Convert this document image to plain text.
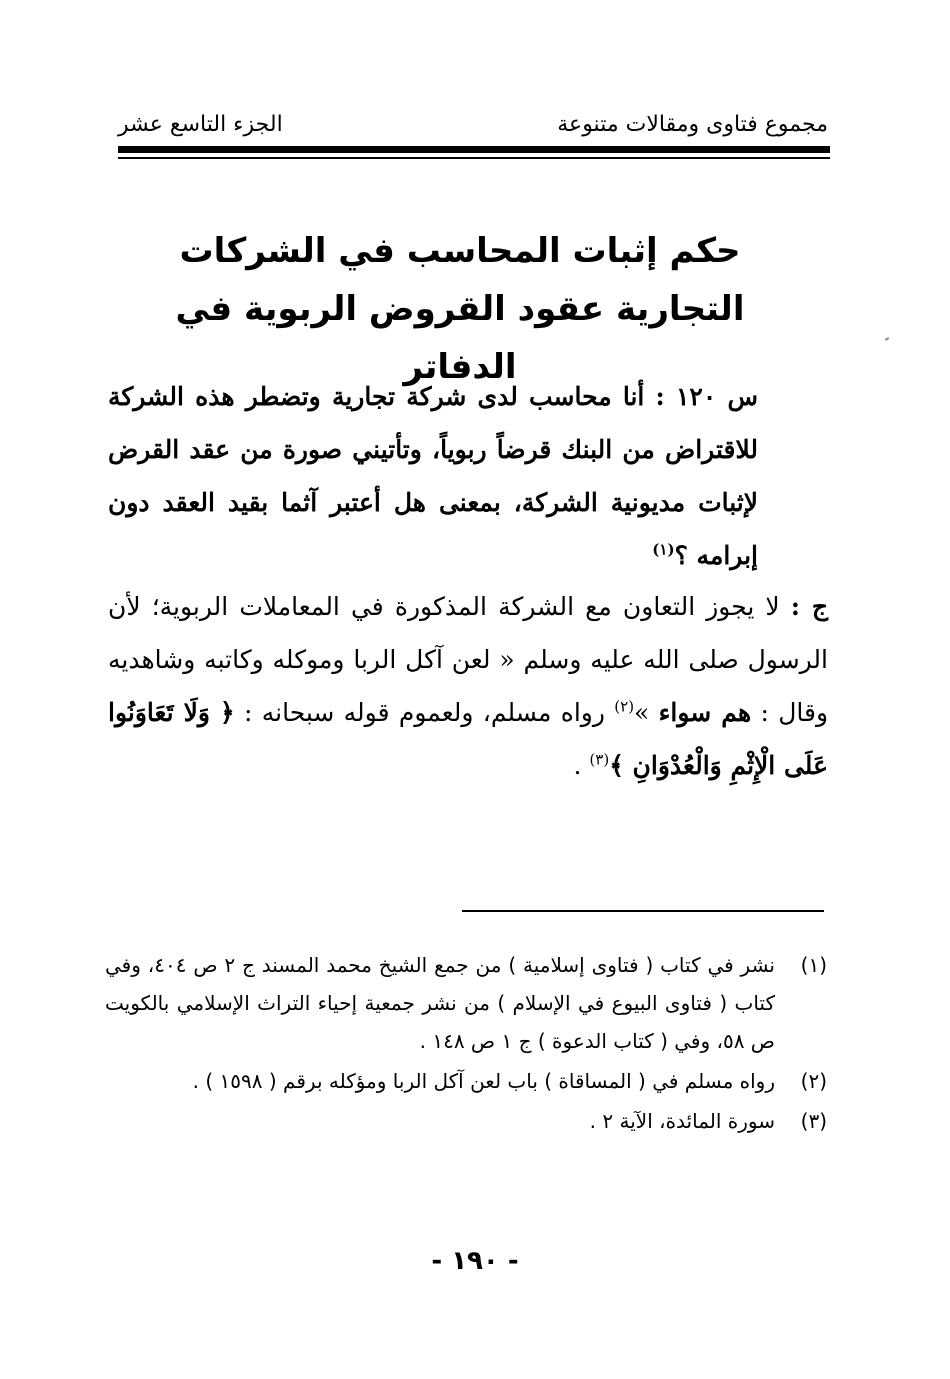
مجموع فتاوى ومقالات متنوعة
الجزء التاسع عشر
حكم إثبات المحاسب في الشركات
التجارية عقود القروض الربوية في الدفاتر
س ١٢٠ : أنا محاسب لدى شركة تجارية وتضطر هذه الشركة للاقتراض من البنك قرضاً ربوياً، وتأتيني صورة من عقد القرض لإثبات مديونية الشركة، بمعنى هل أعتبر آثما بقيد العقد دون إبرامه ؟$^{(١)}$
ج : لا يجوز التعاون مع الشركة المذكورة في المعاملات الربوية؛ لأن الرسول صلى الله عليه وسلم « لعن آكل الربا وموكله وكاتبه وشاهديه وقال : هم سواء »$^{(٢)}$ رواه مسلم، ولعموم قوله سبحانه : ﴿ وَلَا تَعَاوَنُوا عَلَى الْإِثْمِ وَالْعُدْوَانِ ﴾$^{(٣)}$ .
(١)
نشر في كتاب ( فتاوى إسلامية ) من جمع الشيخ محمد المسند ج ٢ ص ٤٠٤، وفي كتاب ( فتاوى البيوع في الإسلام ) من نشر جمعية إحياء التراث الإسلامي بالكويت ص ٥٨، وفي ( كتاب الدعوة ) ج ١ ص ١٤٨ .
(٢)
رواه مسلم في ( المساقاة ) باب لعن آكل الربا ومؤكله برقم ( ١٥٩٨ ) .
(٣)
سورة المائدة، الآية ٢ .
- ١٩٠ -
